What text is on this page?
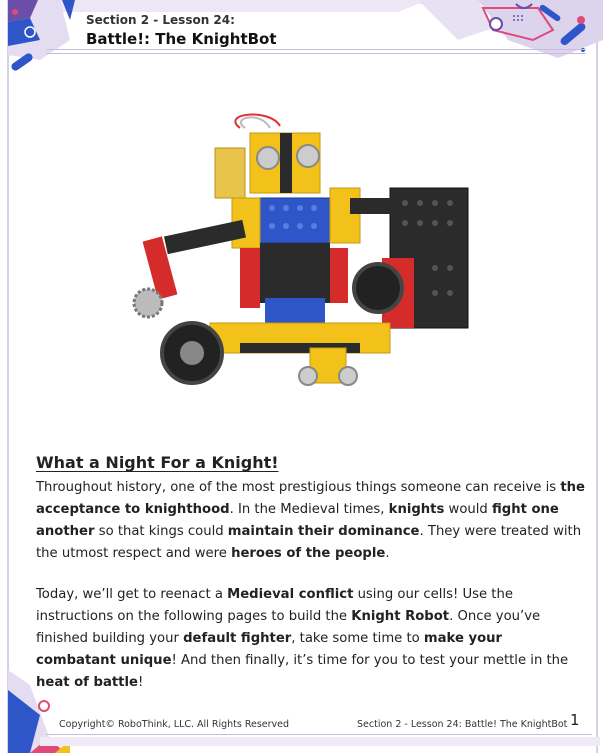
Section 2 - Lesson 24:
Battle!: The KnightBot
What a Night For a Knight!

Throughout history, one of the most prestigious things someone can receive is the acceptance to knighthood. In the Medieval times, knights would fight one another so that kings could maintain their dominance. They were treated with the utmost respect and were heroes of the people.

Today, we’ll get to reenact a Medieval conflict using our cells! Use the instructions on the following pages to build the Knight Robot. Once you’ve finished building your default fighter, take some time to make your combatant unique! And then finally, it’s time for you to test your mettle in the heat of battle!

Copyright© RoboThink, LLC. All Rights Reserved	Section 2 - Lesson 24: Battle! The KnightBot 1
